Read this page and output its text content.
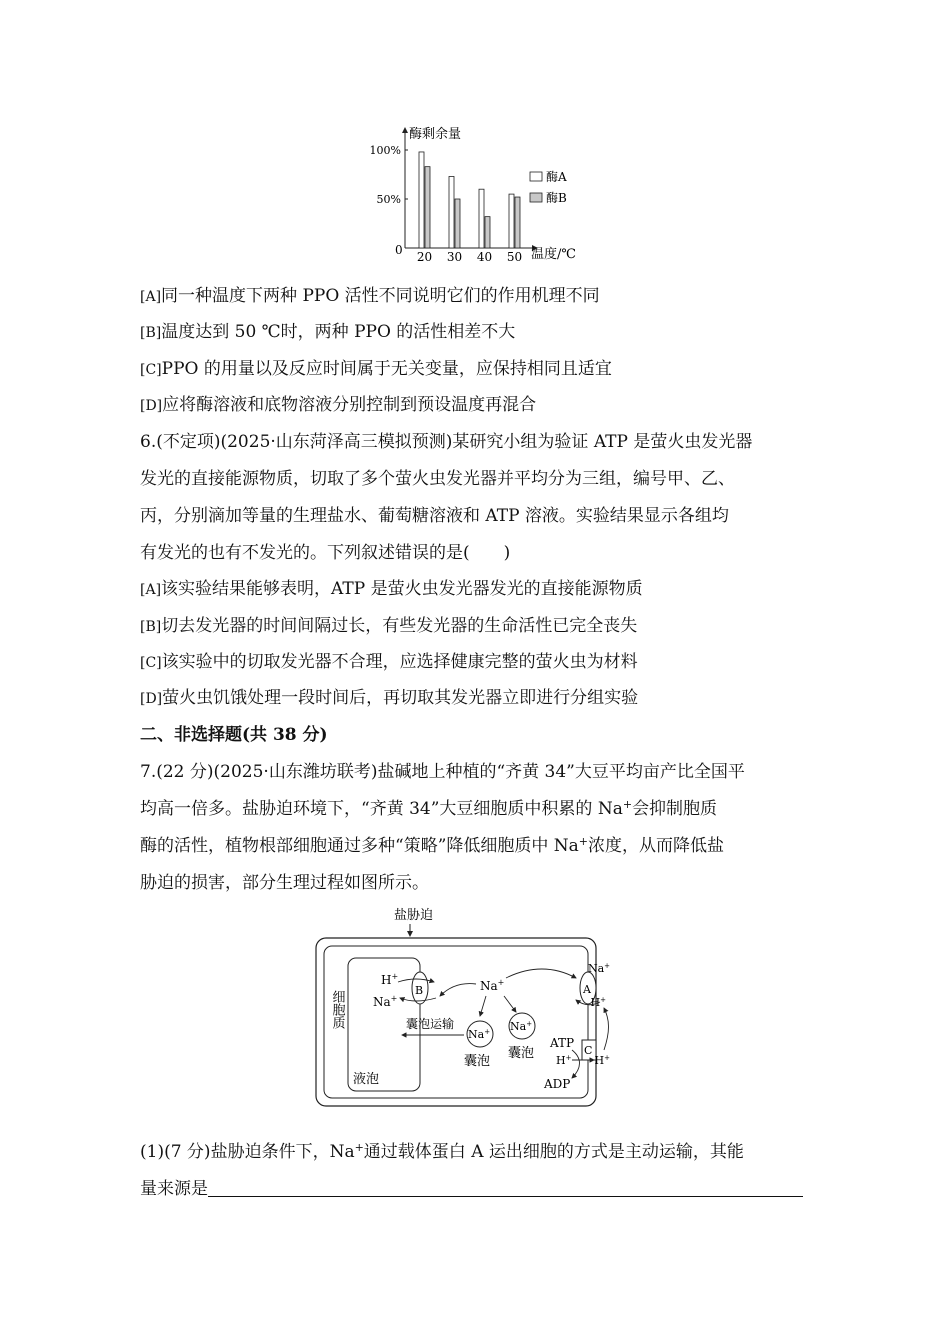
酶剩余量
0	温度/℃
50%
100%
20 30 40 50
酶A
酶B
[A]同一种温度下两种 PPO 活性不同说明它们的作用机理不同
[B]温度达到 50 ℃时，两种 PPO 的活性相差不大
[C]PPO 的用量以及反应时间属于无关变量，应保持相同且适宜
[D]应将酶溶液和底物溶液分别控制到预设温度再混合
6.(不定项)(2025·山东菏泽高三模拟预测)某研究小组为验证 ATP 是萤火虫发光器
发光的直接能源物质，切取了多个萤火虫发光器并平均分为三组，编号甲、乙、
丙，分别滴加等量的生理盐水、葡萄糖溶液和 ATP 溶液。实验结果显示各组均
有发光的也有不发光的。下列叙述错误的是(　　)
[A]该实验结果能够表明，ATP 是萤火虫发光器发光的直接能源物质
[B]切去发光器的时间间隔过长，有些发光器的生命活性已完全丧失
[C]该实验中的切取发光器不合理，应选择健康完整的萤火虫为材料
[D]萤火虫饥饿处理一段时间后，再切取其发光器立即进行分组实验
二、非选择题(共 38 分)
7.(22 分)(2025·山东潍坊联考)盐碱地上种植的“齐黄 34”大豆平均亩产比全国平
均高一倍多。盐胁迫环境下，“齐黄 34”大豆细胞质中积累的 Na+会抑制胞质
酶的活性，植物根部细胞通过多种“策略”降低细胞质中 Na+浓度，从而降低盐
胁迫的损害，部分生理过程如图所示。
盐胁迫
液泡
细胞质	B
H+
Na+
Na+
Na+
囊泡
Na+
囊泡
囊泡运输
A
Na+
H+
C
ATP
ADP
H+ H+
(1)(7 分)盐胁迫条件下，Na+通过载体蛋白 A 运出细胞的方式是主动运输，其能
量来源是
